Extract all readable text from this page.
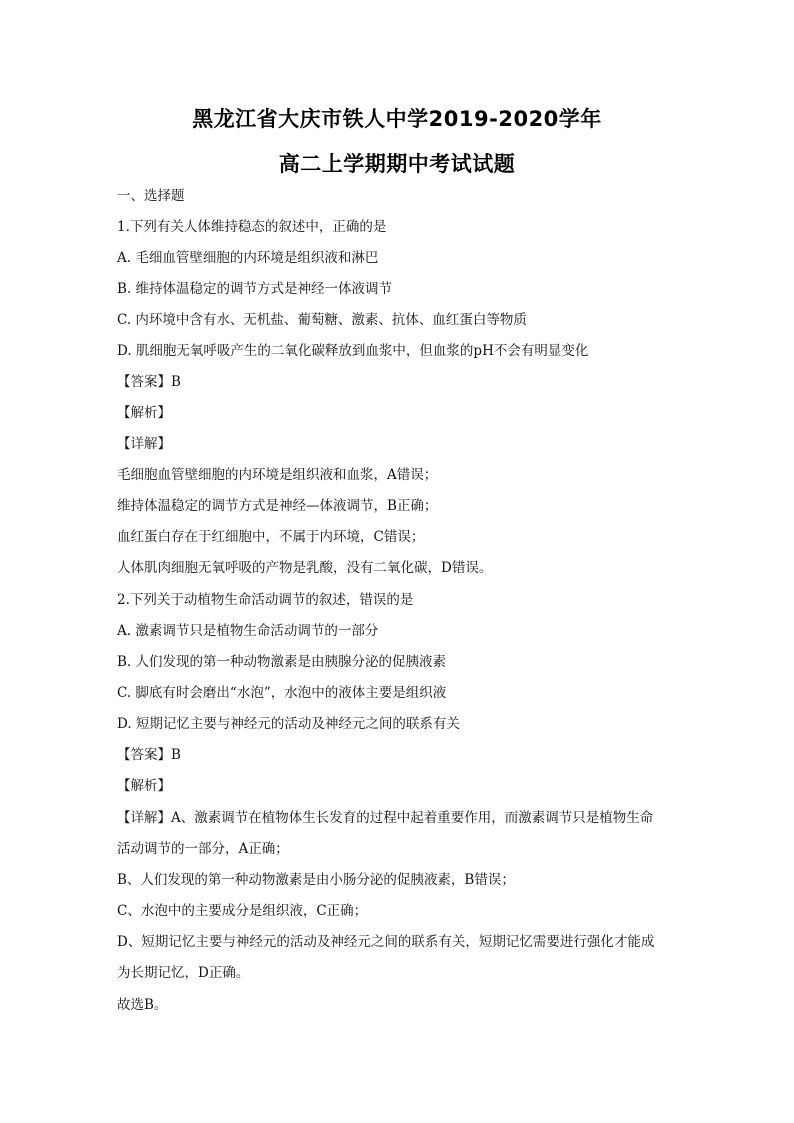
黑龙江省大庆市铁人中学2019-2020学年
高二上学期期中考试试题
一、选择题
1.下列有关人体维持稳态的叙述中，正确的是
A. 毛细血管壁细胞的内环境是组织液和淋巴
B. 维持体温稳定的调节方式是神经一体液调节
C. 内环境中含有水、无机盐、葡萄糖、激素、抗体、血红蛋白等物质
D. 肌细胞无氧呼吸产生的二氧化碳释放到血浆中，但血浆的pH不会有明显变化
【答案】B
【解析】
【详解】
毛细胞血管壁细胞的内环境是组织液和血浆，A错误；
维持体温稳定的调节方式是神经—体液调节，B正确；
血红蛋白存在于红细胞中，不属于内环境，C错误；
人体肌肉细胞无氧呼吸的产物是乳酸，没有二氧化碳，D错误。
2.下列关于动植物生命活动调节的叙述，错误的是
A. 激素调节只是植物生命活动调节的一部分
B. 人们发现的第一种动物激素是由胰腺分泌的促胰液素
C. 脚底有时会磨出“水泡”，水泡中的液体主要是组织液
D. 短期记忆主要与神经元的活动及神经元之间的联系有关
【答案】B
【解析】
【详解】A、激素调节在植物体生长发育的过程中起着重要作用，而激素调节只是植物生命
活动调节的一部分，A正确；
B、人们发现的第一种动物激素是由小肠分泌的促胰液素，B错误；
C、水泡中的主要成分是组织液，C正确；
D、短期记忆主要与神经元的活动及神经元之间的联系有关，短期记忆需要进行强化才能成
为长期记忆，D正确。
故选B。
